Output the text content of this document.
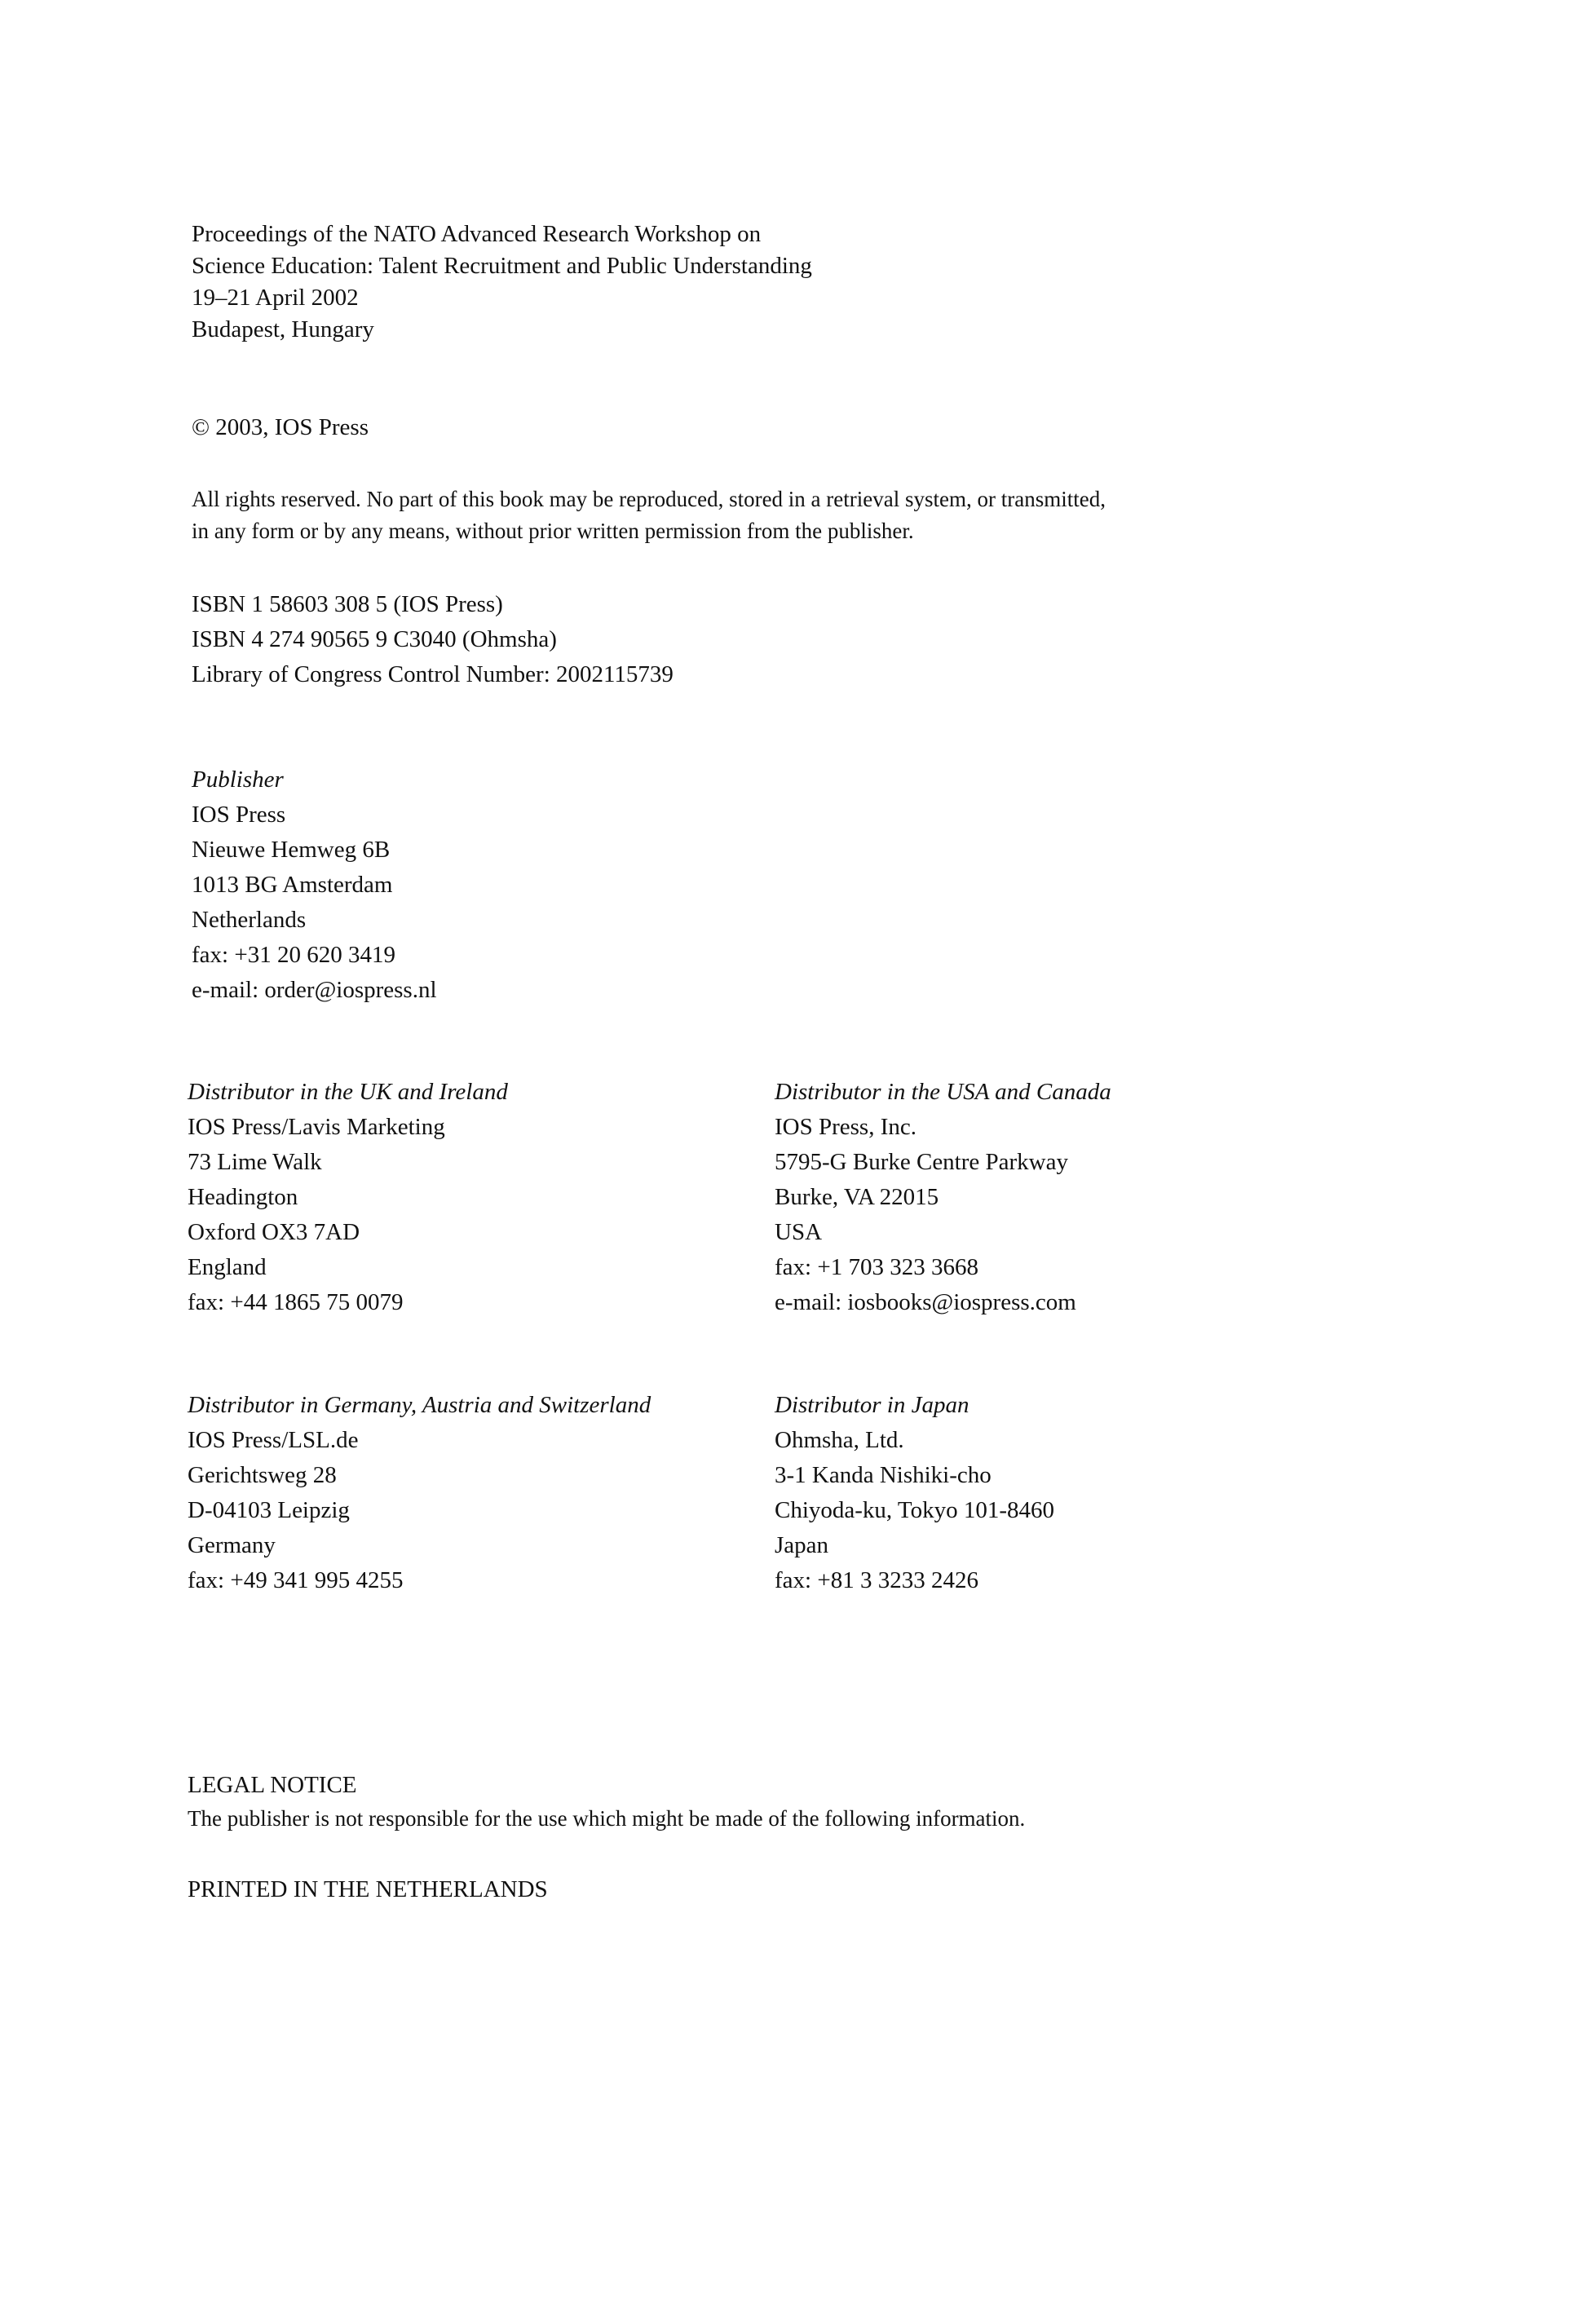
Proceedings of the NATO Advanced Research Workshop on
Science Education: Talent Recruitment and Public Understanding
19–21 April 2002
Budapest, Hungary
© 2003, IOS Press
All rights reserved. No part of this book may be reproduced, stored in a retrieval system, or transmitted,
in any form or by any means, without prior written permission from the publisher.
ISBN 1 58603 308 5 (IOS Press)
ISBN 4 274 90565 9 C3040 (Ohmsha)
Library of Congress Control Number: 2002115739
Publisher
IOS Press
Nieuwe Hemweg 6B
1013 BG Amsterdam
Netherlands
fax: +31 20 620 3419
e-mail: order@iospress.nl
Distributor in the UK and Ireland
IOS Press/Lavis Marketing
73 Lime Walk
Headington
Oxford OX3 7AD
England
fax: +44 1865 75 0079
Distributor in the USA and Canada
IOS Press, Inc.
5795-G Burke Centre Parkway
Burke, VA 22015
USA
fax: +1 703 323 3668
e-mail: iosbooks@iospress.com
Distributor in Germany, Austria and Switzerland
IOS Press/LSL.de
Gerichtsweg 28
D-04103 Leipzig
Germany
fax: +49 341 995 4255
Distributor in Japan
Ohmsha, Ltd.
3-1 Kanda Nishiki-cho
Chiyoda-ku, Tokyo 101-8460
Japan
fax: +81 3 3233 2426
LEGAL NOTICE
The publisher is not responsible for the use which might be made of the following information.
PRINTED IN THE NETHERLANDS
